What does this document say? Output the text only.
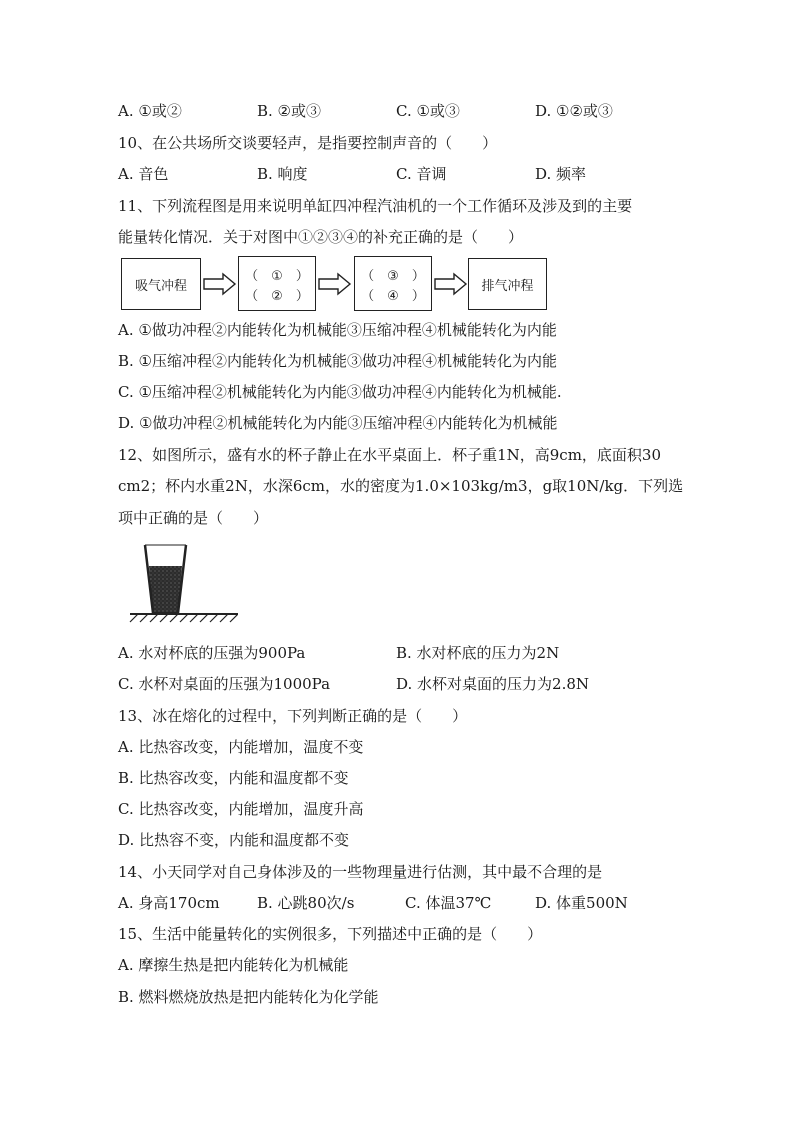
A. ①或②	B. ②或③	C. ①或③	D. ①②或③
10、在公共场所交谈要轻声，是指要控制声音的（　　）
A. 音色	B. 响度	C. 音调	D. 频率
11、下列流程图是用来说明单缸四冲程汽油机的一个工作循环及涉及到的主要
能量转化情况．关于对图中①②③④的补充正确的是（　　）
吸气冲程
（　①　）
（　②　）
（　③　）
（　④　）
排气冲程
A. ①做功冲程②内能转化为机械能③压缩冲程④机械能转化为内能
B. ①压缩冲程②内能转化为机械能③做功冲程④机械能转化为内能
C. ①压缩冲程②机械能转化为内能③做功冲程④内能转化为机械能.
D. ①做功冲程②机械能转化为内能③压缩冲程④内能转化为机械能
12、如图所示，盛有水的杯子静止在水平桌面上．杯子重1N，高9cm，底面积30
cm2；杯内水重2N，水深6cm，水的密度为1.0×103kg/m3，g取10N/kg．下列选
项中正确的是（　　）
A. 水对杯底的压强为900Pa	B. 水对杯底的压力为2N
C. 水杯对桌面的压强为1000Pa	D. 水杯对桌面的压力为2.8N
13、冰在熔化的过程中，下列判断正确的是（　　）
A. 比热容改变，内能增加，温度不变
B. 比热容改变，内能和温度都不变
C. 比热容改变，内能增加，温度升高
D. 比热容不变，内能和温度都不变
14、小天同学对自己身体涉及的一些物理量进行估测，其中最不合理的是
A. 身高170cm B. 心跳80次/s	C. 体温37℃	D. 体重500N
15、生活中能量转化的实例很多，下列描述中正确的是（　　）
A. 摩擦生热是把内能转化为机械能
B. 燃料燃烧放热是把内能转化为化学能
